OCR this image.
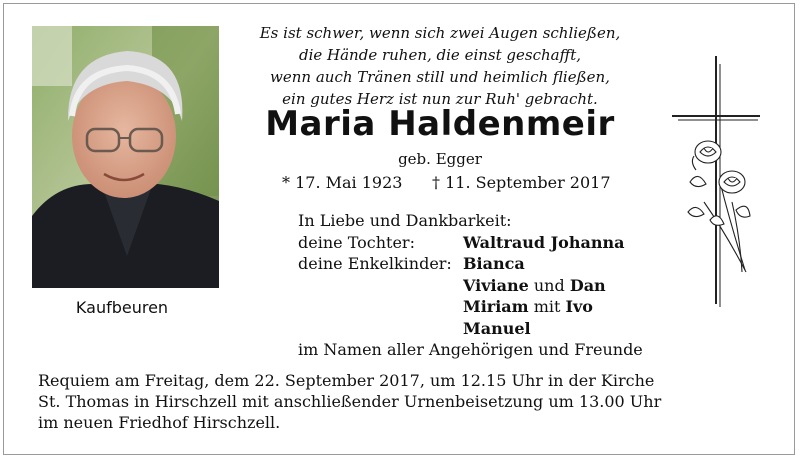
Kaufbeuren
Es ist schwer, wenn sich zwei Augen schließen,
die Hände ruhen, die einst geschafft,
wenn auch Tränen still und heimlich fließen,
ein gutes Herz ist nun zur Ruh' gebracht.
Maria Haldenmeir
geb. Egger
* 17. Mai 1923 † 11. September 2017
In Liebe und Dankbarkeit:
deine Tochter:	Waltraud Johanna
deine Enkelkinder: Bianca
Viviane und Dan
Miriam mit Ivo
Manuel
im Namen aller Angehörigen und Freunde
Requiem am Freitag, dem 22. September 2017, um 12.15 Uhr in der Kirche
St. Thomas in Hirschzell mit anschließender Urnenbeisetzung um 13.00 Uhr
im neuen Friedhof Hirschzell.
